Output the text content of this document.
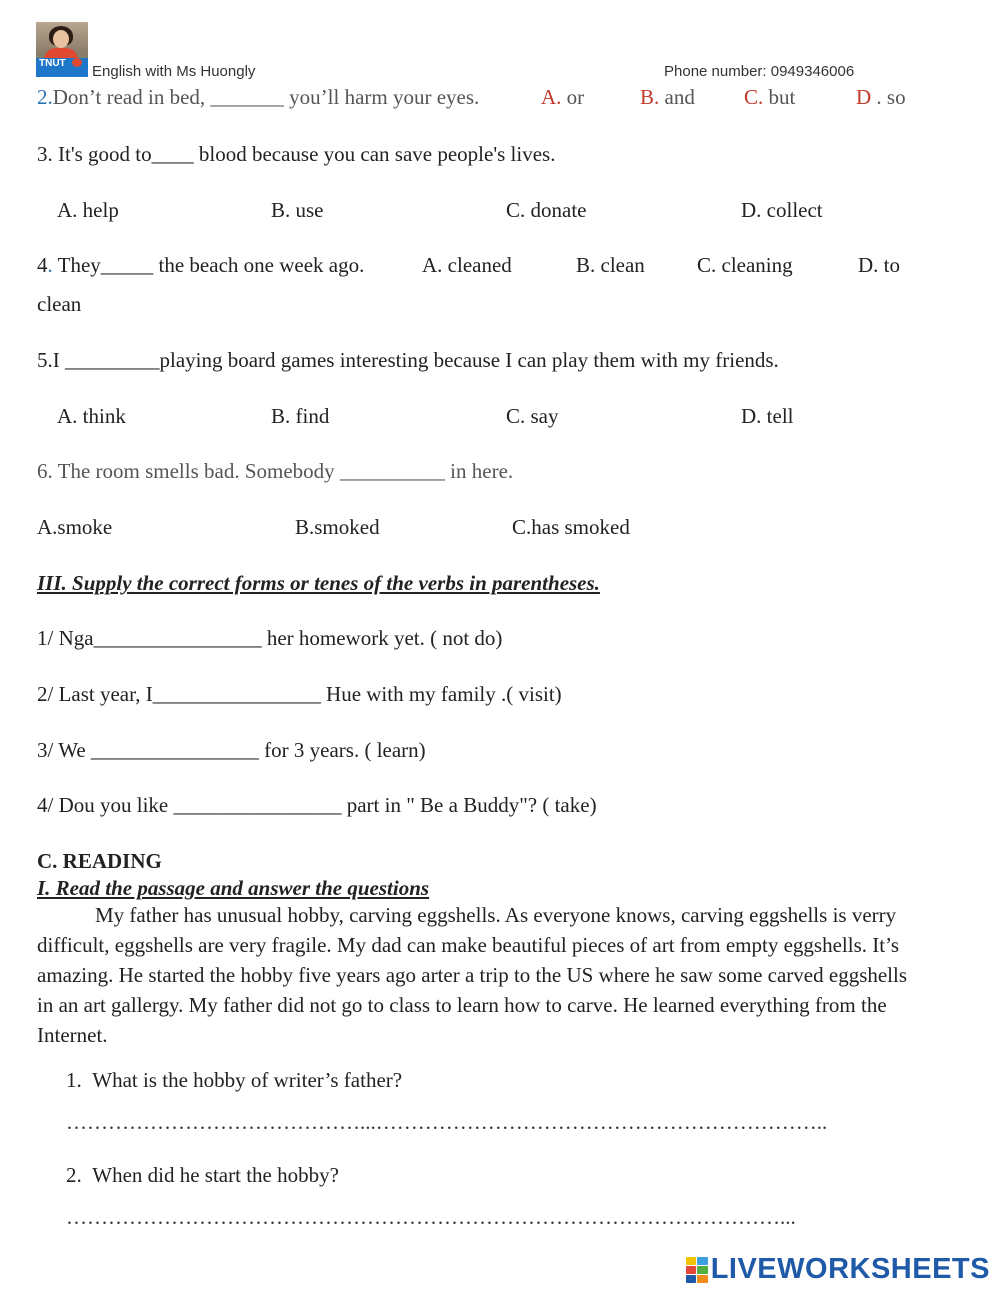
TNUT	English with Ms Huongly	Phone number: 0949346006
2.Don’t read in bed, _______ you’ll harm your eyes.	A. or	B. and C. but	D . so
3. It's good to____ blood because you can save people's lives.
A. help	B. use	C. donate	D. collect
4. They_____ the beach one week ago.	A. cleaned	B. clean C. cleaning	D. to
clean
5.I _________playing board games interesting because I can play them with my friends.
A. think	B. find	C. say	D. tell
6. The room smells bad. Somebody __________ in here.
A.smoke	B.smoked	C.has smoked
III. Supply the correct forms or tenes of the verbs in parentheses.
1/ Nga________________ her homework yet. ( not do)
2/ Last year, I________________ Hue with my family .( visit)
3/ We ________________ for 3 years. ( learn)
4/ Dou you like ________________ part in " Be a Buddy"? ( take)
C. READING
I. Read the passage and answer the questions
My father has unusual hobby, carving eggshells. As everyone knows, carving eggshells is verry difficult, eggshells are very fragile. My dad can make beautiful pieces of art from empty eggshells. It’s amazing. He started the hobby five years ago arter a trip to the US where he saw some carved eggshells in an art gallergy. My father did not go to class to learn how to carve. He learned everything from the Internet.
1. What is the hobby of writer’s father?
……………………………………...………………………………………………………..
2. When did he start the hobby?
…………………………………………………………………………………………...
LIVEWORKSHEETS
